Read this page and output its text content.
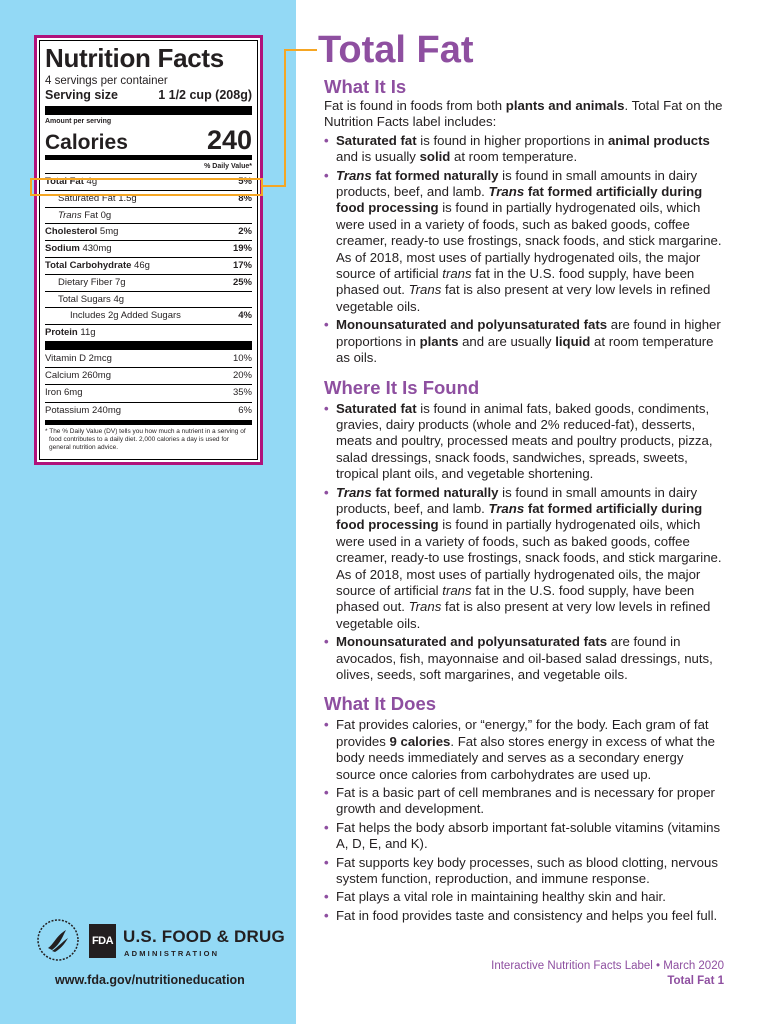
Nutrition Facts
4 servings per container
Serving size	1 1/2 cup (208g)
Amount per serving
Calories	240
% Daily Value*
Total Fat 4g	5%
Saturated Fat 1.5g	8%
Trans Fat 0g
Cholesterol 5mg	2%
Sodium 430mg	19%
Total Carbohydrate 46g	17%
Dietary Fiber 7g	25%
Total Sugars 4g
Includes 2g Added Sugars	4%
Protein 11g
Vitamin D 2mcg	10%
Calcium 260mg	20%
Iron 6mg	35%
Potassium 240mg	6%
* The % Daily Value (DV) tells you how much a nutrient in a serving of food contributes to a daily diet. 2,000 calories a day is used for general nutrition advice.
FDA U.S. FOOD & DRUG
ADMINISTRATION
www.fda.gov/nutritioneducation
Total Fat
What It Is

Fat is found in foods from both plants and animals. Total Fat on the Nutrition Facts label includes:

• Saturated fat is found in higher proportions in animal products and is usually solid at room temperature.
• Trans fat formed naturally is found in small amounts in dairy products, beef, and lamb. Trans fat formed artificially during food processing is found in partially hydrogenated oils, which were used in a variety of foods, such as baked goods, coffee creamer, ready-to use frostings, snack foods, and stick margarine. As of 2018, most uses of partially hydrogenated oils, the major source of artificial trans fat in the U.S. food supply, have been phased out. Trans fat is also present at very low levels in refined vegetable oils.
• Monounsaturated and polyunsaturated fats are found in higher proportions in plants and are usually liquid at room temperature as oils.
Where It Is Found
• Saturated fat is found in animal fats, baked goods, condiments, gravies, dairy products (whole and 2% reduced-fat), desserts, meats and poultry, processed meats and poultry products, pizza, salad dressings, snack foods, sandwiches, spreads, sweets, tropical plant oils, and vegetable shortening.
• Trans fat formed naturally is found in small amounts in dairy products, beef, and lamb. Trans fat formed artificially during food processing is found in partially hydrogenated oils, which were used in a variety of foods, such as baked goods, coffee creamer, ready-to use frostings, snack foods, and stick margarine. As of 2018, most uses of partially hydrogenated oils, the major source of artificial trans fat in the U.S. food supply, have been phased out. Trans fat is also present at very low levels in refined vegetable oils.
• Monounsaturated and polyunsaturated fats are found in avocados, fish, mayonnaise and oil-based salad dressings, nuts, olives, seeds, soft margarines, and vegetable oils.
What It Does
• Fat provides calories, or “energy,” for the body. Each gram of fat provides 9 calories. Fat also stores energy in excess of what the body needs immediately and serves as a secondary energy source once calories from carbohydrates are used up.
• Fat is a basic part of cell membranes and is necessary for proper growth and development.
• Fat helps the body absorb important fat-soluble vitamins (vitamins A, D, E, and K).
• Fat supports key body processes, such as blood clotting, nervous system function, reproduction, and immune response.
• Fat plays a vital role in maintaining healthy skin and hair.
• Fat in food provides taste and consistency and helps you feel full.
Interactive Nutrition Facts Label • March 2020
Total Fat 1
